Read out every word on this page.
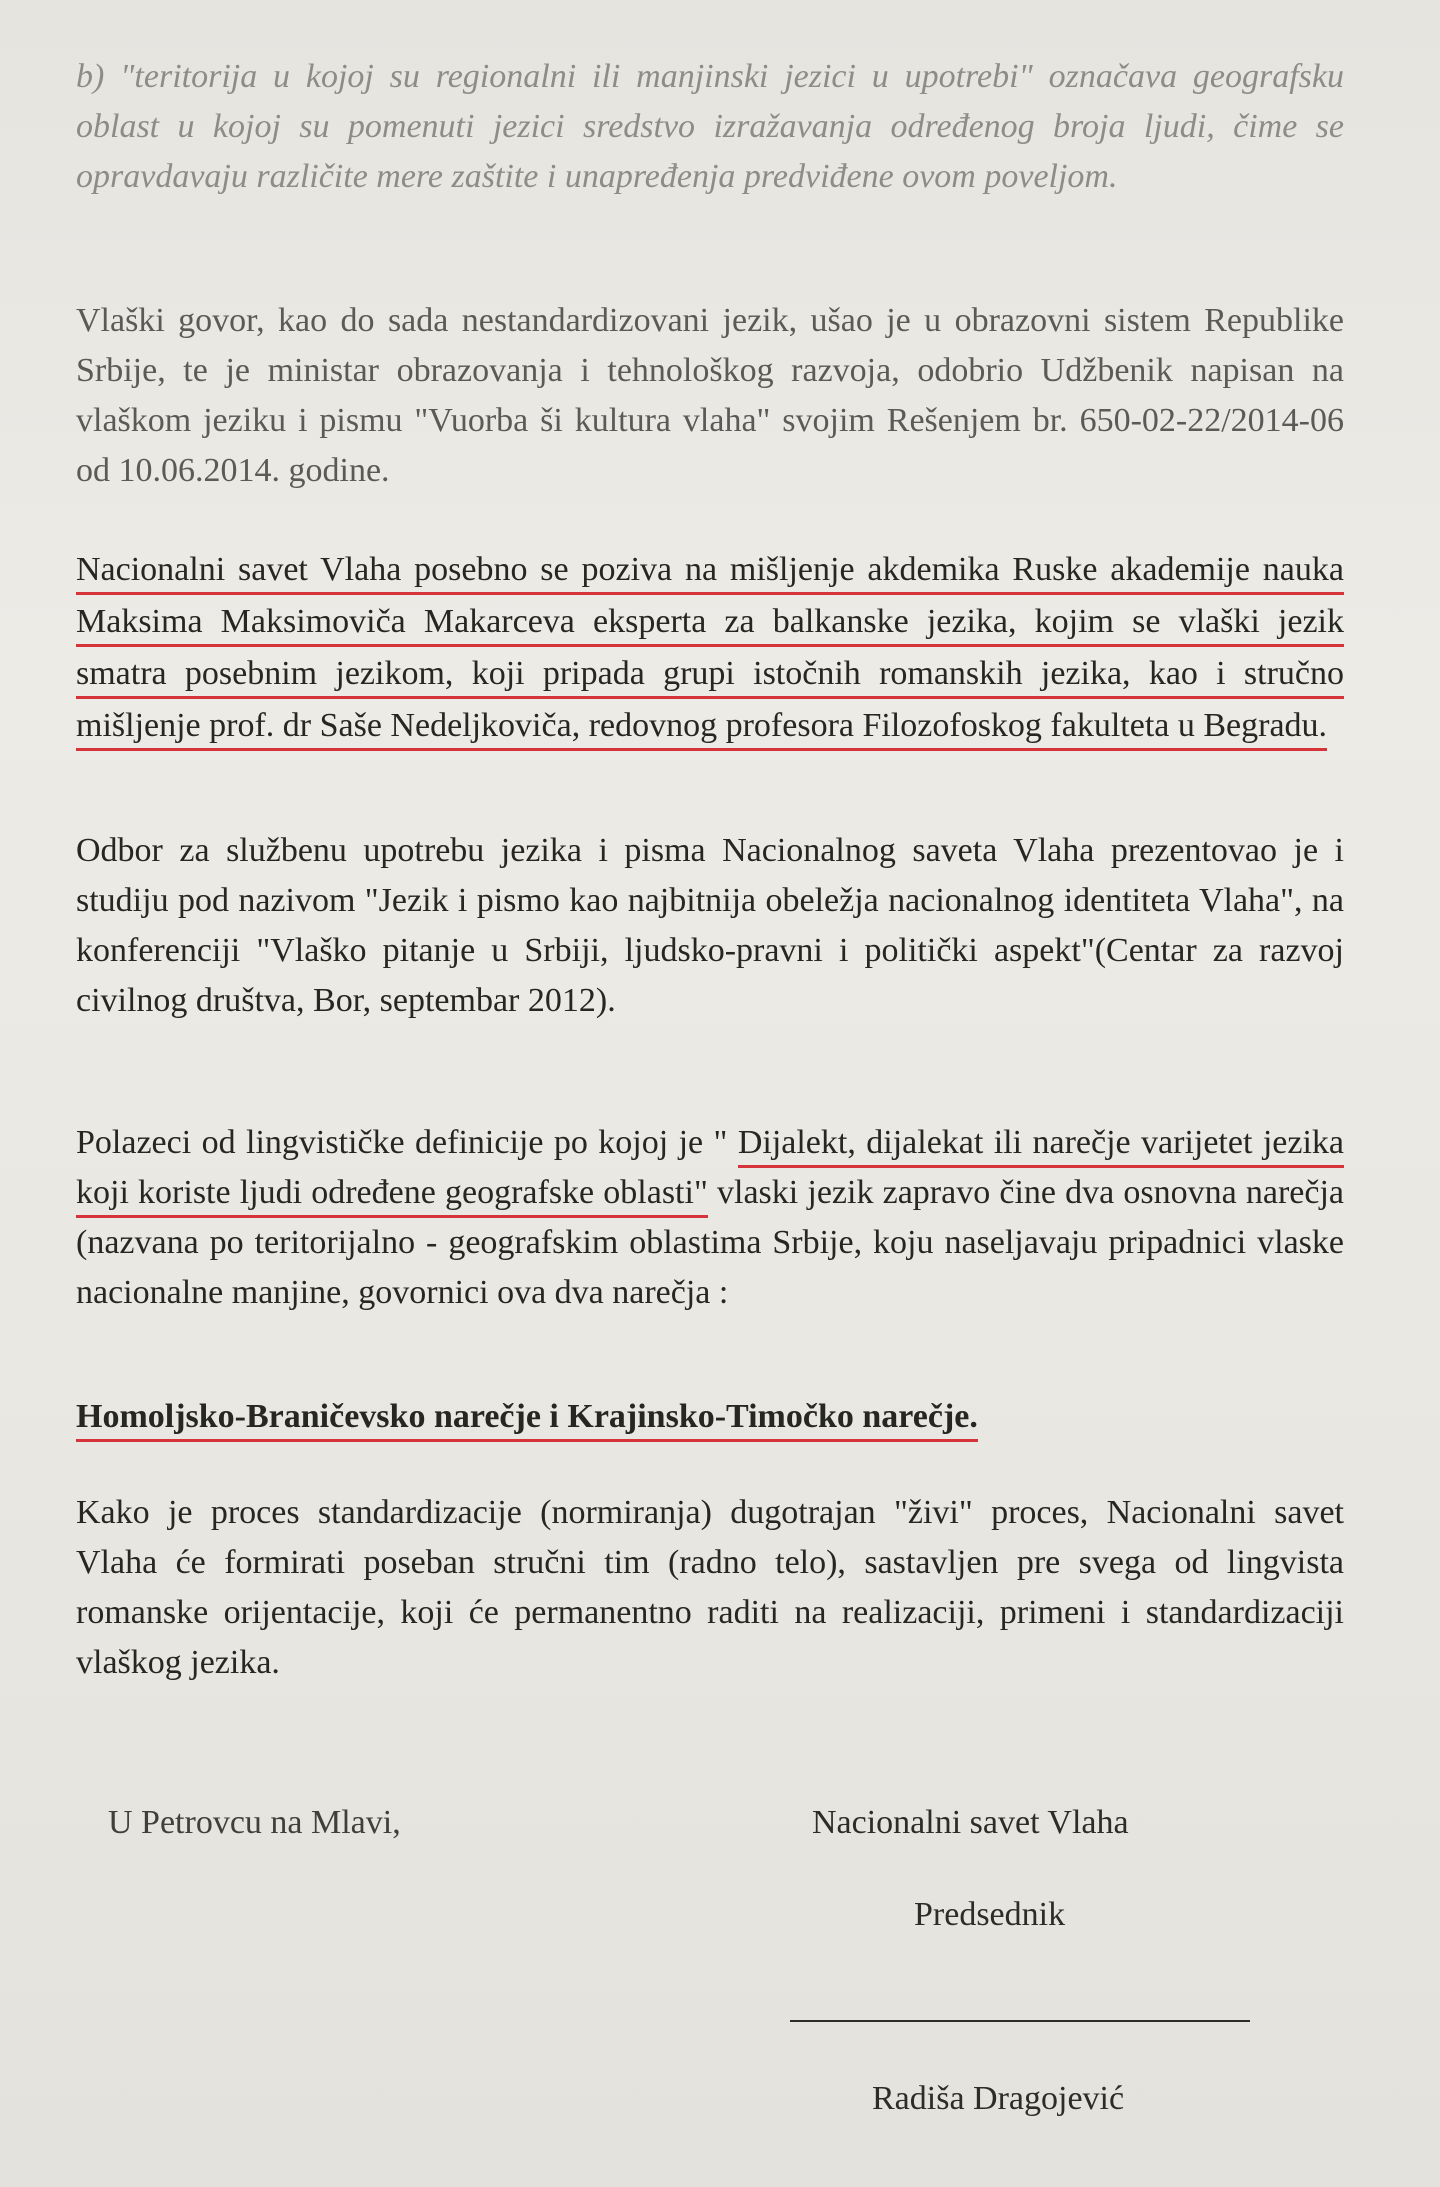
b) "teritorija u kojoj su regionalni ili manjinski jezici u upotrebi" označava geografsku oblast u kojoj su pomenuti jezici sredstvo izražavanja određenog broja ljudi, čime se opravdavaju različite mere zaštite i unapređenja predviđene ovom poveljom.

Vlaški govor, kao do sada nestandardizovani jezik, ušao je u obrazovni sistem Republike Srbije, te je ministar obrazovanja i tehnološkog razvoja, odobrio Udžbenik napisan na vlaškom jeziku i pismu "Vuorba ši kultura vlaha" svojim Rešenjem br. 650-02-22/2014-06 od 10.06.2014. godine.

Nacionalni savet Vlaha posebno se poziva na mišljenje akdemika Ruske akademije nauka Maksima Maksimoviča Makarceva eksperta za balkanske jezika, kojim se vlaški jezik smatra posebnim jezikom, koji pripada grupi istočnih romanskih jezika, kao i stručno mišljenje prof. dr Saše Nedeljkoviča, redovnog profesora Filozofoskog fakulteta u Begradu.

Odbor za službenu upotrebu jezika i pisma Nacionalnog saveta Vlaha prezentovao je i studiju pod nazivom "Jezik i pismo kao najbitnija obeležja nacionalnog identiteta Vlaha", na konferenciji "Vlaško pitanje u Srbiji, ljudsko-pravni i politički aspekt"(Centar za razvoj civilnog društva, Bor, septembar 2012).

Polazeci od lingvističke definicije po kojoj je " Dijalekt, dijalekat ili narečje varijetet jezika koji koriste ljudi određene geografske oblasti" vlaski jezik zapravo čine dva osnovna narečja (nazvana po teritorijalno - geografskim oblastima Srbije, koju naseljavaju pripadnici vlaske nacionalne manjine, govornici ova dva narečja :

Homoljsko-Braničevsko narečje i Krajinsko-Timočko narečje.

Kako je proces standardizacije (normiranja) dugotrajan "živi" proces, Nacionalni savet Vlaha će formirati poseban stručni tim (radno telo), sastavljen pre svega od lingvista romanske orijentacije, koji će permanentno raditi na realizaciji, primeni i standardizaciji vlaškog jezika.

U Petrovcu na Mlavi,	Nacionalni savet Vlaha
Predsednik
Radiša Dragojević
